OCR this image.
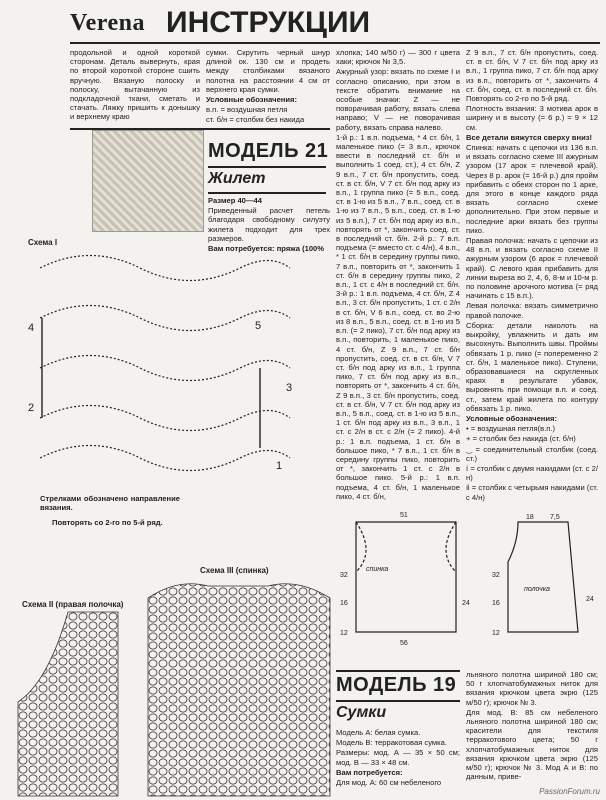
Verena ИНСТРУКЦИИ

продольной и одной короткой сторонам. Деталь вывернуть, края по второй короткой стороне сшить вручную. Вязаную полоску и полоску, вытачанную из подкладочной ткани, сметать и стачать. Ляжку пришить к донышку и верхнему краю

сумки. Скрутить черный шнур длиной ок. 130 см и продеть между столбиками вязаного полотна на расстоянии 4 см от верхнего края сумки.

Условные обозначения:

в.п. = воздушная петля

ст. б/н = столбик без накида

хлопка; 140 м/50 г) — 300 г цвета хаки; крючок № 3,5.

Ажурный узор: вязать по схеме I и согласно описанию, при этом в тексте обратить внимание на особые значки: Z — не поворачивая работу, вязать слева направо; V — не поворачивая работу, вязать справа налево.

1-й р.: 1 в.п. подъема, * 4 ст. б/н, 1 маленькое пико (= 3 в.п., крючок ввести в последний ст. б/н и выполнить 1 соед. ст.), 4 ст. б/н, Z 9 в.п., 7 ст. б/н пропустить, соед. ст. в ст. б/н, V 7 ст. б/н под аркy из в.п., 1 группа пико (= 5 в.п., соед. ст. в 1-ю из 5 в.п., 7 в.п., соед. ст. в 1-ю из 7 в.п., 5 в.п., соед. ст. в 1-ю из 5 в.п.), 7 ст. б/н под аркy из в.п., повторять от *, закончить соед. ст. в последний ст. б/н. 2-й р.: 7 в.п. подъема (= вместо ст. с 4/н), 4 в.п., * 1 ст. б/н в середину группы пико, 7 в.п., повторить от *, закончить 1 ст. б/н в середину группы пико, 2 в.п., 1 ст. с 4/н в последний ст. б/н. 3-й р.: 1 в.п. подъема, 4 ст. б/н, Z 4 в.п., 3 ст. б/н пропустить, 1 ст. с 2/н в ст. б/н, V 6 в.п., соед. ст. во 2-ю из 8 в.п., 5 в.п., соед. ст. в 1-ю из 5 в.п. (= 2 пико), 7 ст. б/н под аркy из в.п., повторить, 1 маленькое пико, 4 ст. б/н, Z 9 в.п., 7 ст. б/н пропустить, соед. ст. в ст. б/н, V 7 ст. б/н под аркy из в.п., 1 группа пико, 7 ст. б/н под аркy из в.п., повторять от *, закончить 4 ст. б/н, Z 9 в.п., 3 ст. б/н пропустить, соед. ст. в ст. б/н, V 7 ст. б/н под аркy из в.п., 5 в.п., соед. ст. в 1-ю из 5 в.п., 1 ст. б/н под аркy из в.п., 3 в.п., 1 ст. с 2/н в ст. с 2/н (= 2 пико). 4-й р.: 1 в.п. подъема, 1 ст. б/н в большое пико, * 7 в.п., 1 ст. б/н в середину группы пико, повторить от *, закончить 1 ст. с 2/н в большое пико. 5-й р.: 1 в.п. подъема, 4 ст. б/н, 1 маленькое пико, 4 ст. б/н,

Z 9 в.п., 7 ст. б/н пропустить, соед. ст. в ст. б/н, V 7 ст. б/н под аркy из в.п., 1 группа пико, 7 ст. б/н под аркy из в.п., повторить от *, закончить 4 ст. б/н, соед. ст. в последний ст. б/н. Повторять со 2-го по 5-й ряд.

Плотность вязания: 3 мотива арок в ширину и в высоту (= 6 р.) = 9 × 12 см.

Все детали вяжутся сверху вниз!

Спинка: начать с цепочки из 136 в.п. и вязать согласно схеме III ажурным узором (17 арок = плечевой край). Через 8 р. арок (= 16-й р.) для пройм прибавить с обеих сторон по 1 арке, для этого в конце каждого ряда вязать согласно схеме дополнительно. При этом первые и последние арки вязать без группы пико.

Правая полочка: начать с цепочки из 48 в.п. и вязать согласно схеме II ажурным узором (6 арок = плечевой край). С левого края прибавить для линии выреза во 2, 4, 6, 8-м и 10-м р. по половине арочного мотива (= ряд начинать с 15 в.п.).

Левая полочка: вязать симметрично правой полочке.

Сборка: детали наколоть на выкройку, увлажнить и дать им высохнуть. Выполнить швы. Проймы обвязать 1 р. пико (= попеременно 2 ст. б/н, 1 маленькое пико). Ступени, образовавшиеся на скругленных краях в результате убавок, выровнять при помощи в.п. и соед. ст., затем край жилета по контуру обвязать 1 р. пико.

Условные обозначения:

• = воздушная петля(в.п.)

+ = столбик без накида (ст. б/н)

‿ = соединительный столбик (соед. ст.)

ⅰ = столбик с двумя накидами (ст. с 2/н)

ⅱ = столбик с четырьмя накидами (ст. с 4/н)

МОДЕЛЬ 21
Жилет

Размер 40—44

Приведенный расчет петель благодаря свободному силуэту жилета подходит для трех размеров.

Вам потребуется: пряжа (100%

Схема I
5
4
3
2
1
Стрелками обозначено направление вязания.
Повторять со 2-го по 5-й ряд.
Схема III (спинка)
Схема II (правая полочка)
51
32
16
12
24
56
спинка
18 7,5
32
16
24
12
полочка
МОДЕЛЬ 19
Сумки

Модель А: белая сумка.

Модель В: терракотовая сумка.

Размеры: мод. А — 35 × 50 см; мод. В — 33 × 48 см.

Вам потребуется:

Для мод. А: 60 см небеленого

льняного полотна шириной 180 см; 50 г хлопчатобумажных ниток для вязания крючком цвета экрю (125 м/50 г); крючок № 3.

Для мод. В: 85 см небеленого льняного полотна шириной 180 см; красители для текстиля терракотового цвета; 50 г хлопчатобумажных ниток для вязания крючком цвета экрю (125 м/50 г); крючок № 3. Мод А и В: по данным, приве-

PassionForum.ru
